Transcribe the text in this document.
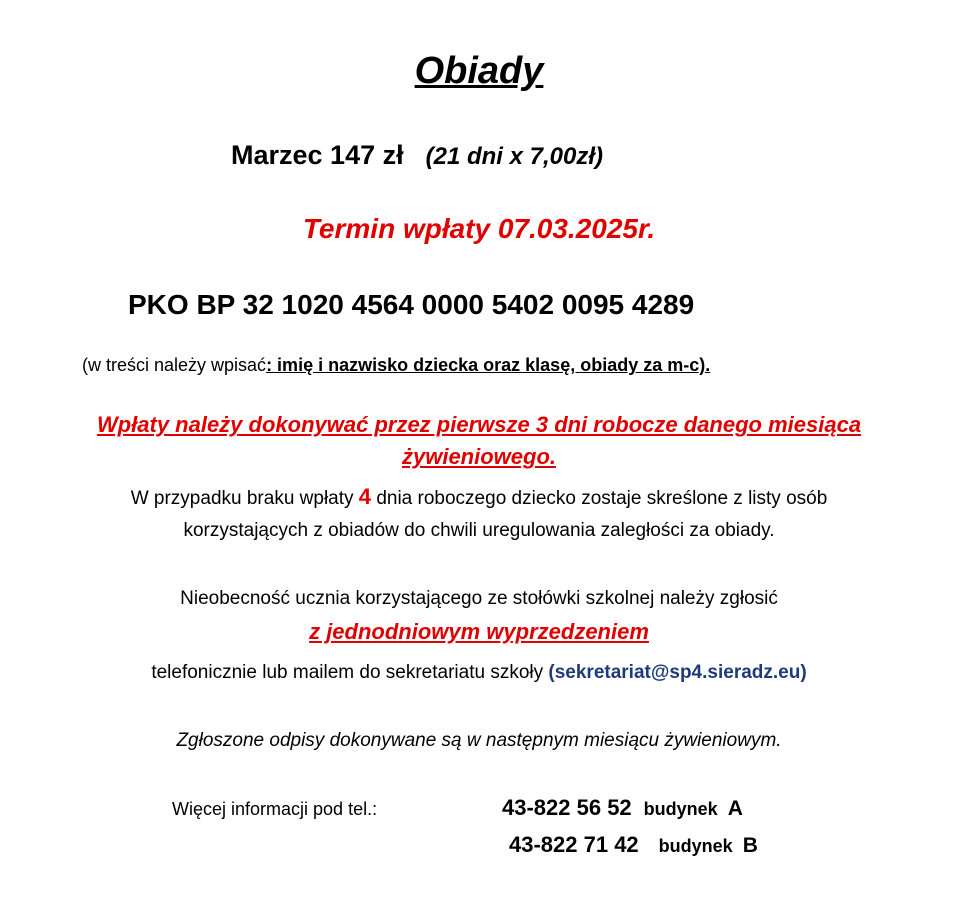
Obiady
Marzec 147 zł (21 dni x 7,00zł)
Termin wpłaty 07.03.2025r.
PKO BP 32 1020 4564 0000 5402 0095 4289
(w treści należy wpisać: imię i nazwisko dziecka oraz klasę, obiady za m-c).
Wpłaty należy dokonywać przez pierwsze 3 dni robocze danego miesiąca żywieniowego.
W przypadku braku wpłaty 4 dnia roboczego dziecko zostaje skreślone z listy osób
korzystających z obiadów do chwili uregulowania zaległości za obiady.
Nieobecność ucznia korzystającego ze stołówki szkolnej należy zgłosić
z jednodniowym wyprzedzeniem
telefonicznie lub mailem do sekretariatu szkoły (sekretariat@sp4.sieradz.eu)
Zgłoszone odpisy dokonywane są w następnym miesiącu żywieniowym.
Więcej informacji pod tel.:	43-822 56 52 budynek A
43-822 71 42 budynek B
